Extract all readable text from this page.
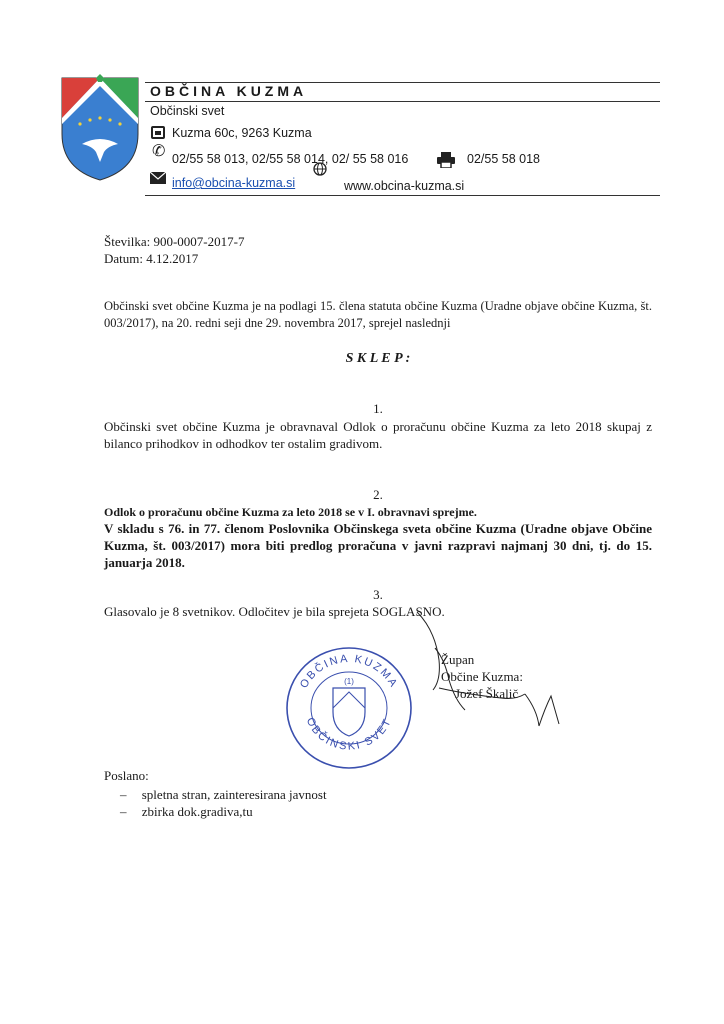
OBČINA KUZMA
Občinski svet
Kuzma 60c, 9263 Kuzma
✆ 02/55 58 013, 02/55 58 014, 02/ 55 58 016	02/55 58 018
info@obcina-kuzma.si	www.obcina-kuzma.si
Številka: 900-0007-2017-7
Datum: 4.12.2017
Občinski svet občine Kuzma je na podlagi 15. člena statuta občine Kuzma (Uradne objave občine Kuzma, št. 003/2017), na 20. redni seji dne 29. novembra 2017, sprejel naslednji
S K L E P :
1.
Občinski svet občine Kuzma je obravnaval Odlok o proračunu občine Kuzma za leto 2018 skupaj z bilanco prihodkov in odhodkov ter ostalim gradivom.
2.
Odlok o proračunu občine Kuzma za leto 2018 se v I. obravnavi sprejme.
V skladu s 76. in 77. členom Poslovnika Občinskega sveta občine Kuzma (Uradne objave Občine Kuzma, št. 003/2017) mora biti predlog proračuna v javni razpravi najmanj 30 dni, tj. do 15. januarja 2018.
3.
Glasovalo je 8 svetnikov. Odločitev je bila sprejeta SOGLASNO.
OBČINA KUZMA
OBČINSKI SVET
(1)
Župan
Občine Kuzma:
Jožef Škalič
Poslano:
– spletna stran, zainteresirana javnost
– zbirka dok.gradiva,tu
